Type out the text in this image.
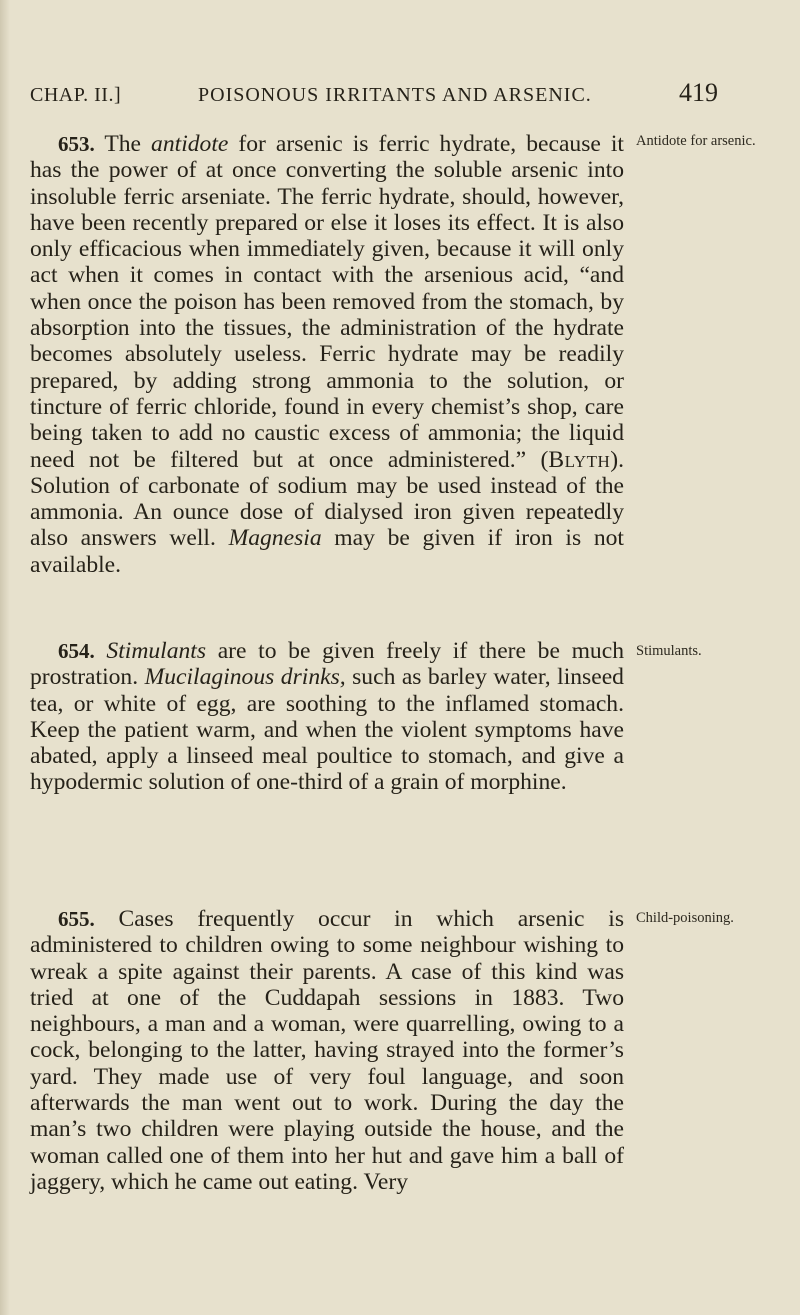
CHAP. II.]	POISONOUS IRRITANTS AND ARSENIC.	419

653. The antidote for arsenic is ferric hydrate, because it has the power of at once converting the soluble arsenic into insoluble ferric arseniate. The ferric hydrate, should, however, have been recently prepared or else it loses its effect. It is also only efficacious when immediately given, because it will only act when it comes in contact with the arsenious acid, “and when once the poison has been removed from the stomach, by absorption into the tissues, the administration of the hydrate becomes absolutely useless. Ferric hydrate may be readily prepared, by adding strong ammonia to the solution, or tincture of ferric chloride, found in every chemist’s shop, care being taken to add no caustic excess of ammonia; the liquid need not be filtered but at once administered.” (Blyth). Solution of carbonate of sodium may be used instead of the ammonia. An ounce dose of dialysed iron given repeatedly also answers well. Magnesia may be given if iron is not available.

Antidote for arsenic.

654. Stimulants are to be given freely if there be much prostration. Mucilaginous drinks, such as barley water, linseed tea, or white of egg, are soothing to the inflamed stomach. Keep the patient warm, and when the violent symptoms have abated, apply a linseed meal poultice to stomach, and give a hypodermic solution of one-third of a grain of morphine.

Stimulants.

655. Cases frequently occur in which arsenic is administered to children owing to some neighbour wishing to wreak a spite against their parents. A case of this kind was tried at one of the Cuddapah sessions in 1883. Two neighbours, a man and a woman, were quarrelling, owing to a cock, belonging to the latter, having strayed into the former’s yard. They made use of very foul language, and soon afterwards the man went out to work. During the day the man’s two children were playing outside the house, and the woman called one of them into her hut and gave him a ball of jaggery, which he came out eating. Very

Child-poisoning.
